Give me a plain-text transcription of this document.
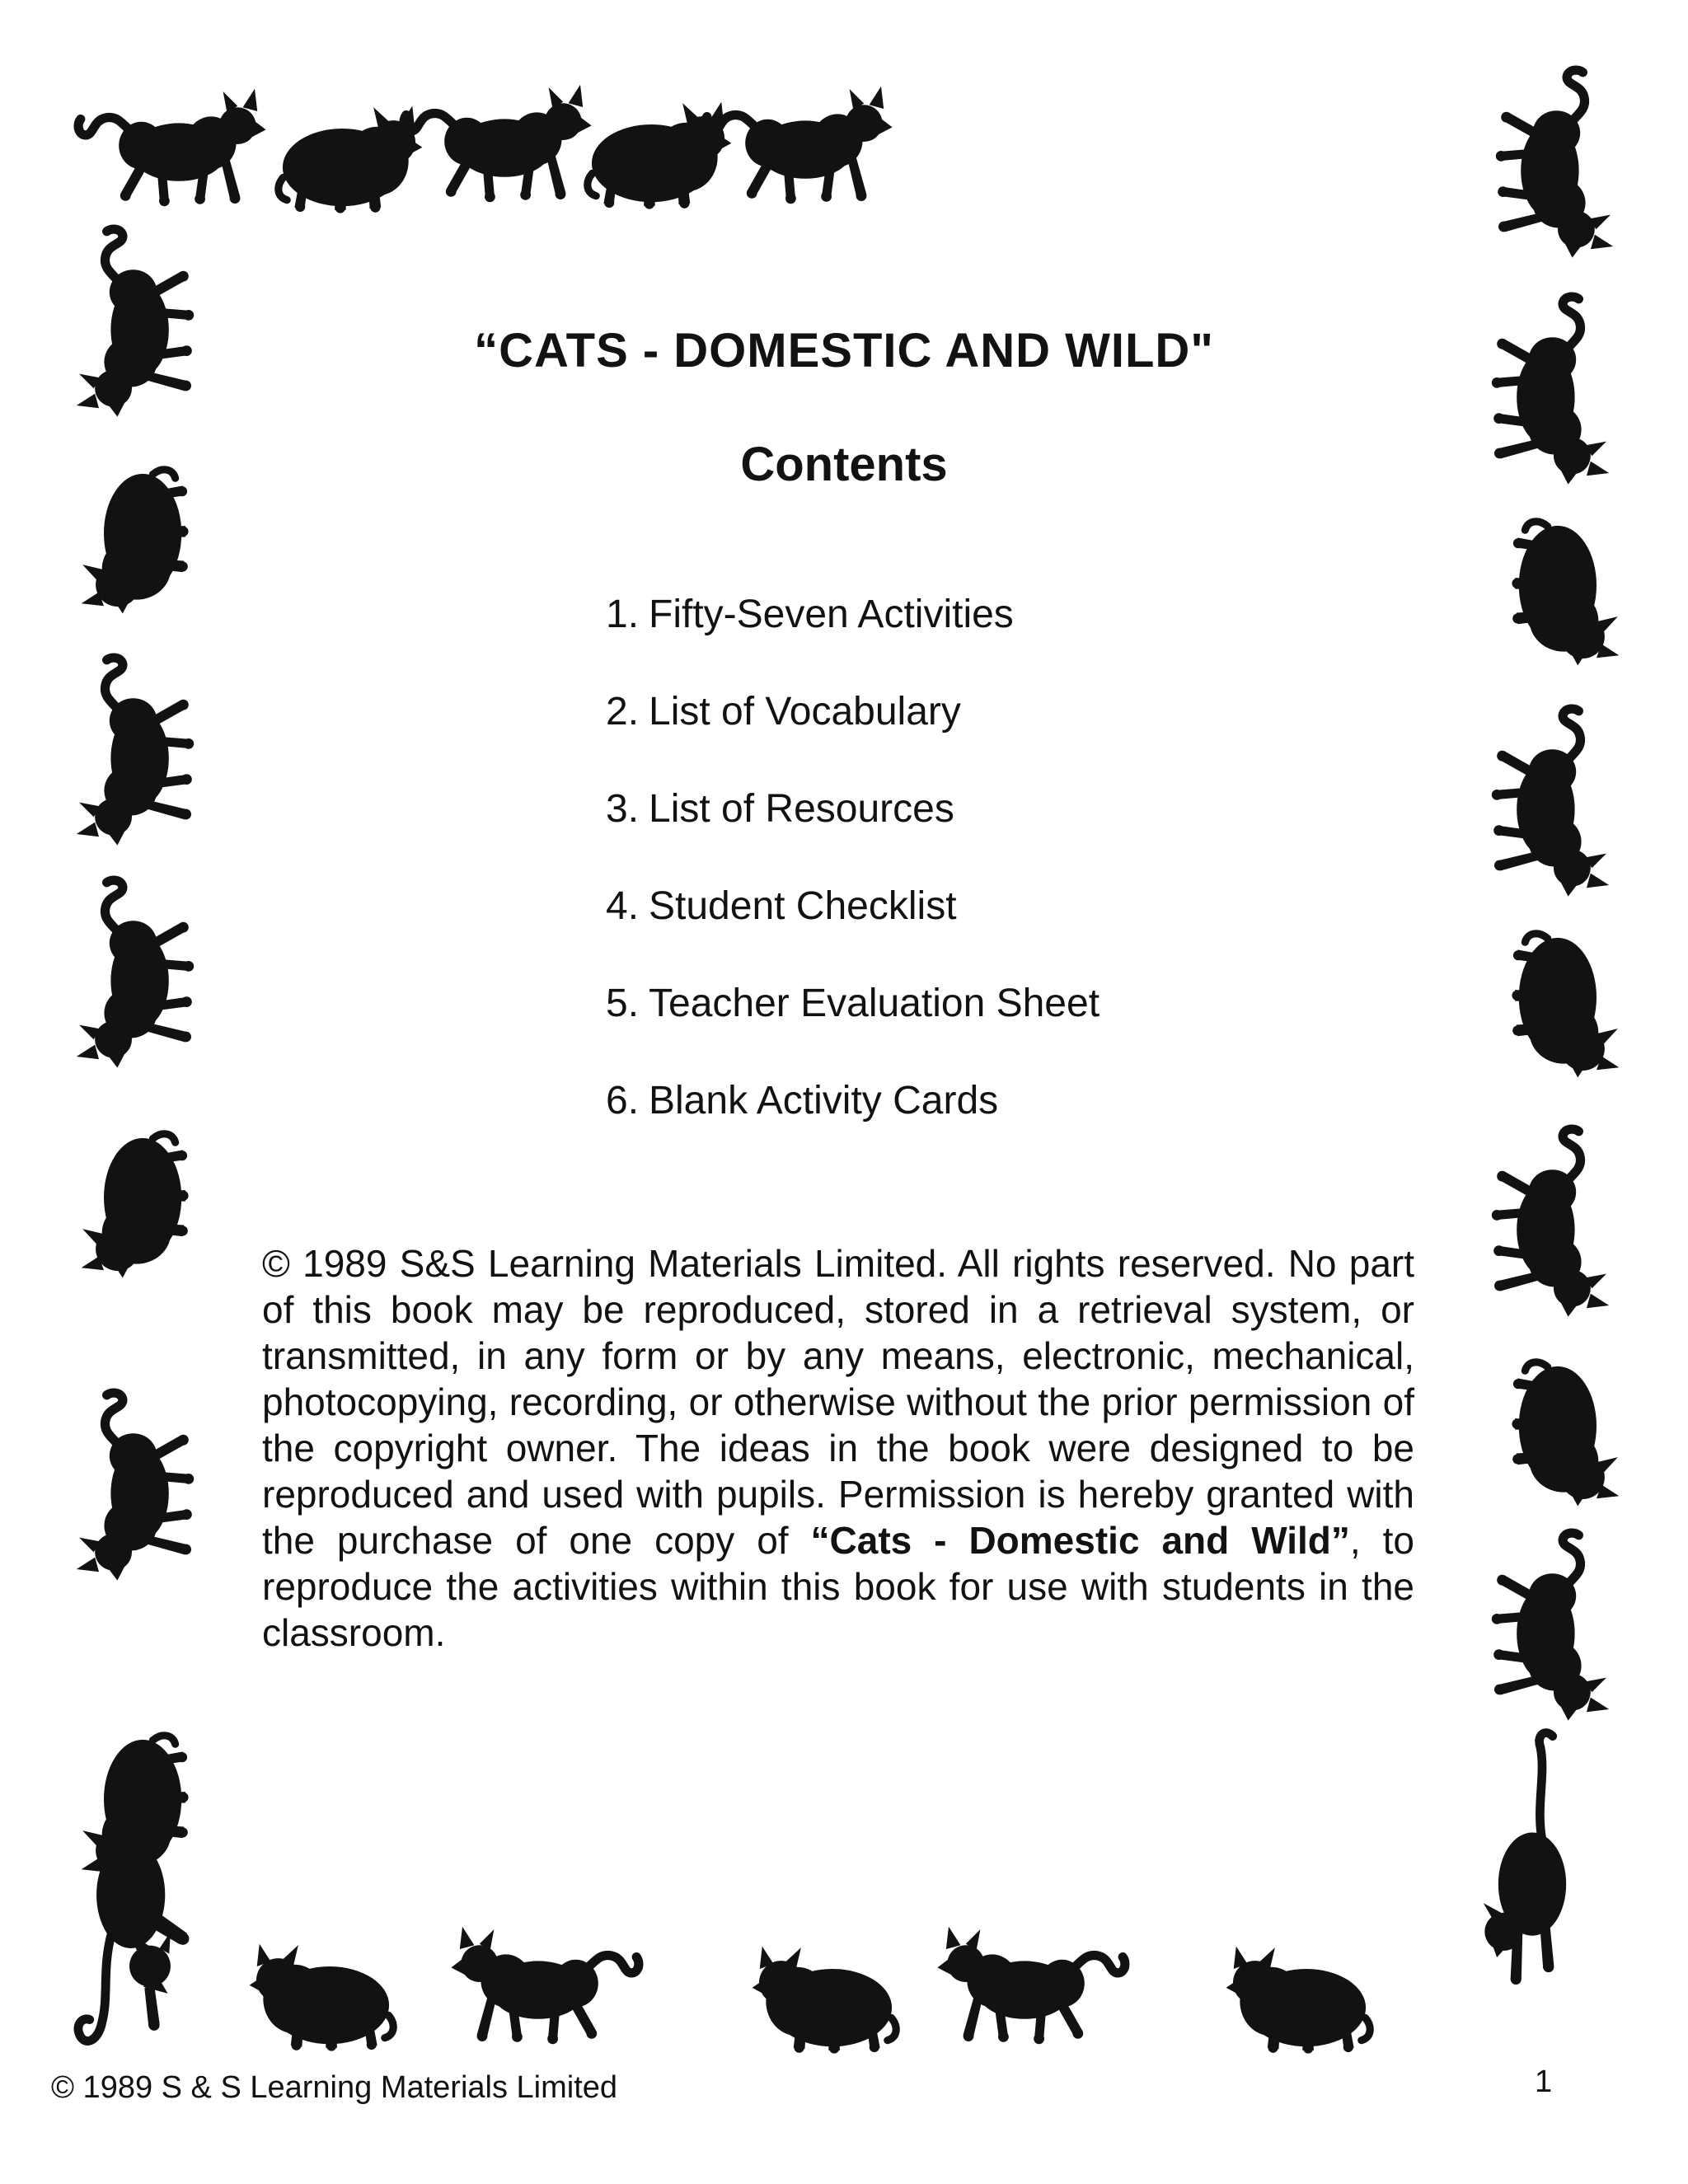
“CATS - DOMESTIC AND WILD"
Contents
1. Fifty-Seven Activities
2. List of Vocabulary
3. List of Resources
4. Student Checklist
5. Teacher Evaluation Sheet
6. Blank Activity Cards

© 1989 S&S Learning Materials Limited. All rights reserved. No part of this book may be reproduced, stored in a retrieval system, or transmitted, in any form or by any means, electronic, mechanical, photocopying, recording, or otherwise without the prior permission of the copyright owner. The ideas in the book were designed to be reproduced and used with pupils. Permission is hereby granted with the purchase of one copy of “Cats - Domestic and Wild”, to reproduce the activities within this book for use with students in the classroom.

© 1989 S & S Learning Materials Limited	1
